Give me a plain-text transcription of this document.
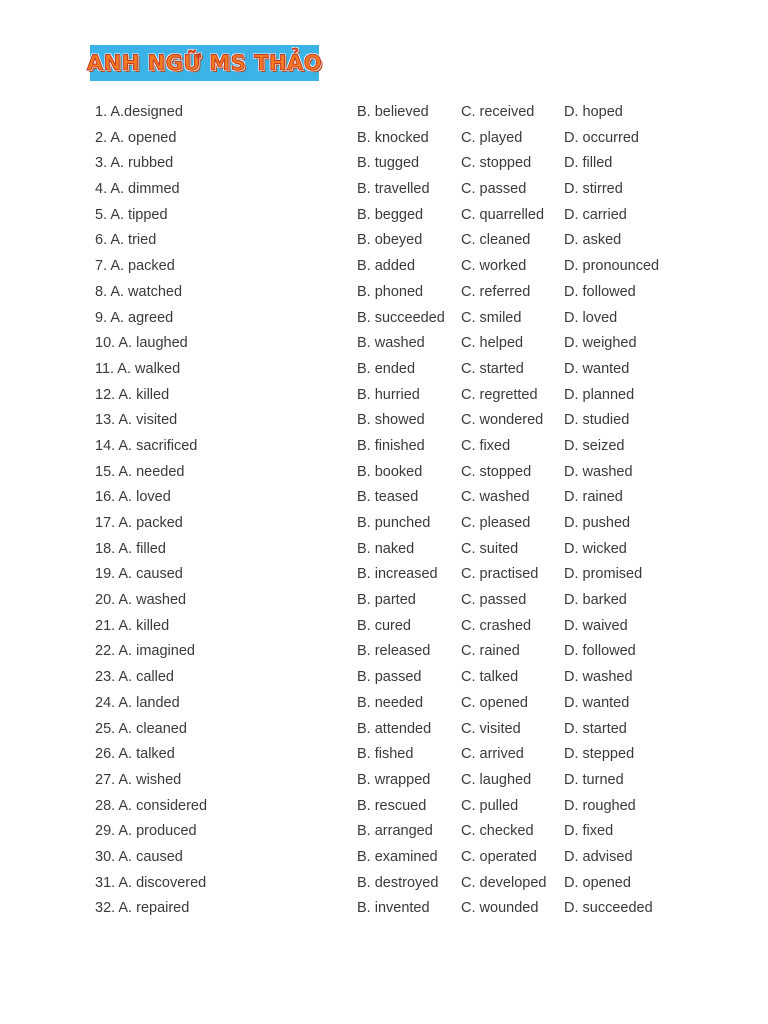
ANH NGỮ MS THẢO
1. A.designed	B. believed C. received D. hoped
2. A. opened	B. knocked C. played	D. occurred
3. A. rubbed	B. tugged	C. stopped D. filled
4. A. dimmed	B. travelled C. passed	D. stirred
5. A. tipped	B. begged	C. quarrelled D. carried
6. A. tried	B. obeyed	C. cleaned D. asked
7. A. packed	B. added	C. worked	D. pronounced
8. A. watched	B. phoned	C. referred D. followed
9. A. agreed	B. succeeded C. smiled	D. loved
10. A. laughed	B. washed	C. helped	D. weighed
11. A. walked	B. ended	C. started	D. wanted
12. A. killed	B. hurried	C. regretted D. planned
13. A. visited	B. showed	C. wondered D. studied
14. A. sacrificed	B. finished	C. fixed	D. seized
15. A. needed	B. booked	C. stopped D. washed
16. A. loved	B. teased	C. washed D. rained
17. A. packed	B. punched C. pleased D. pushed
18. A. filled	B. naked	C. suited	D. wicked
19. A. caused	B. increased C. practised D. promised
20. A. washed	B. parted	C. passed	D. barked
21. A. killed	B. cured	C. crashed D. waived
22. A. imagined	B. released C. rained	D. followed
23. A. called	B. passed	C. talked	D. washed
24. A. landed	B. needed	C. opened D. wanted
25. A. cleaned	B. attended C. visited	D. started
26. A. talked	B. fished	C. arrived	D. stepped
27. A. wished	B. wrapped C. laughed D. turned
28. A. considered	B. rescued C. pulled	D. roughed
29. A. produced	B. arranged C. checked D. fixed
30. A. caused	B. examined C. operated D. advised
31. A. discovered	B. destroyed C. developed D. opened
32. A. repaired	B. invented C. wounded D. succeeded
